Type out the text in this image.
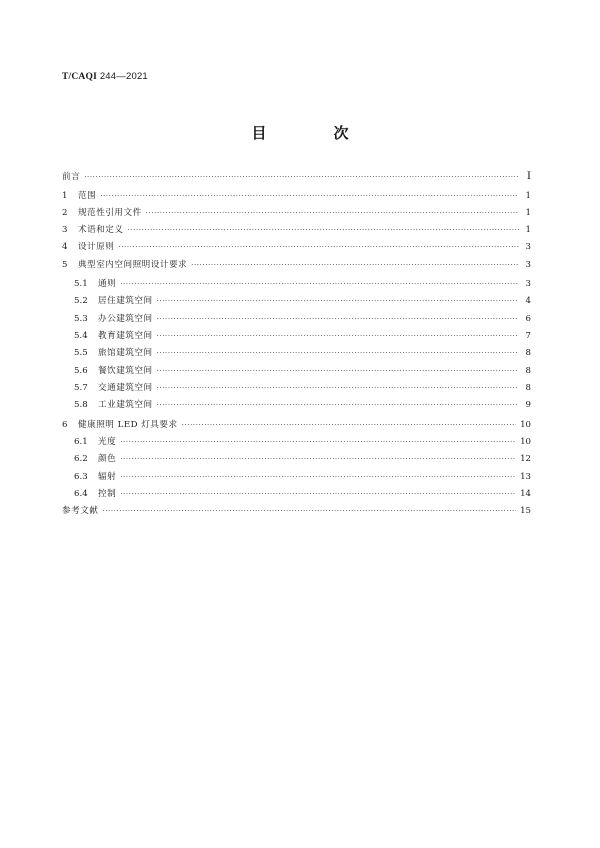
T/CAQI 244—2021
目　次
前言 ·····	Ⅰ
1	范围 ·····	1
2	规范性引用文件 ·····	1
3	术语和定义 ·····	1
4	设计原则 ·····	3
5	典型室内空间照明设计要求 ·····	3
5.1	通则 ·····	3
5.2	居住建筑空间 ·····	4
5.3	办公建筑空间 ·····	6
5.4	教育建筑空间 ·····	7
5.5	旅馆建筑空间 ·····	8
5.6	餐饮建筑空间 ·····	8
5.7	交通建筑空间 ·····	8
5.8	工业建筑空间 ·····	9
6	健康照明 LED 灯具要求 ·····	10
6.1	光度 ·····	10
6.2	颜色 ·····	12
6.3	辐射 ·····	13
6.4	控制 ·····	14
参考文献 ·····	15
